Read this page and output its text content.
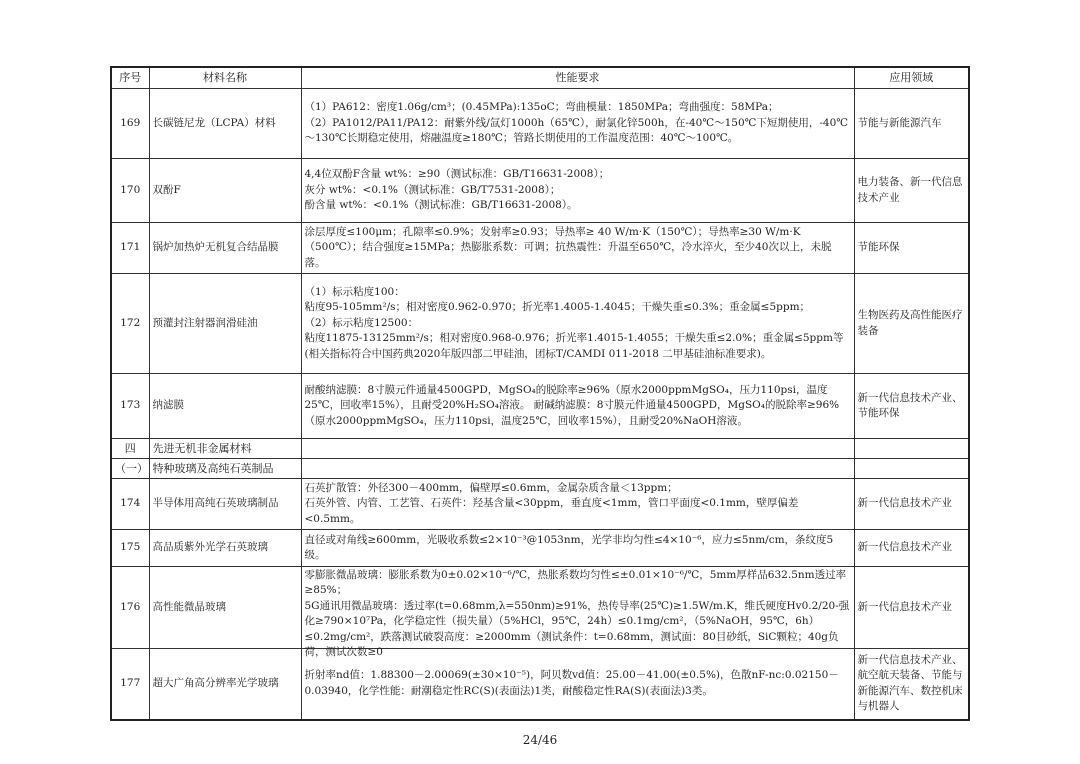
序号	材料名称	性能要求	应用领域
169	长碳链尼龙（LCPA）材料	（1）PA612：密度1.06g/cm³；(0.45MPa):135oC；弯曲模量：1850MPa；弯曲强度：58MPa；
（2）PA1012/PA11/PA12：耐紫外线/氙灯1000h（65℃），耐氯化锌500h，在-40℃～150℃下短期使用，-40℃～130℃长期稳定使用，熔融温度≥180℃；管路长期使用的工作温度范围：40℃～100℃。	节能与新能源汽车
170	双酚F	4,4位双酚F含量 wt%：≥90（测试标准：GB/T16631-2008）；
灰分 wt%：<0.1%（测试标准：GB/T7531-2008）；
酚含量 wt%：<0.1%（测试标准：GB/T16631-2008）。	电力装备、新一代信息技术产业
171	锅炉加热炉无机复合结晶膜	涂层厚度≤100μm；孔隙率≤0.9%；发射率≥0.93；导热率≥ 40 W/m·K（150℃）；导热率≥30 W/m·K（500℃）；结合强度≥15MPa；热膨胀系数：可调；抗热震性：升温至650℃，冷水淬火，至少40次以上，未脱落。	节能环保
172	预灌封注射器润滑硅油	（1）标示粘度100：
粘度95-105mm²/s；相对密度0.962-0.970；折光率1.4005-1.4045；干燥失重≤0.3%；重金属≤5ppm；
（2）标示粘度12500：
粘度11875-13125mm²/s；相对密度0.968-0.976；折光率1.4015-1.4055；干燥失重≤2.0%；重金属≤5ppm等(相关指标符合中国药典2020年版四部二甲硅油，团标T/CAMDI 011-2018 二甲基硅油标准要求)。	生物医药及高性能医疗装备
173	纳滤膜	耐酸纳滤膜：8寸膜元件通量4500GPD，MgSO₄的脱除率≥96%（原水2000ppmMgSO₄，压力110psi，温度25℃，回收率15%），且耐受20%H₂SO₄溶液。 耐碱纳滤膜：8寸膜元件通量4500GPD，MgSO₄的脱除率≥96%（原水2000ppmMgSO₄，压力110psi，温度25℃，回收率15%），且耐受20%NaOH溶液。	新一代信息技术产业、节能环保
四	先进无机非金属材料		
（一）	特种玻璃及高纯石英制品		
174	半导体用高纯石英玻璃制品	石英扩散管：外径300－400mm，偏壁厚≤0.6mm，金属杂质含量＜13ppm；
石英外管、内管、工艺管、石英件：羟基含量<30ppm，垂直度<1mm，管口平面度<0.1mm，壁厚偏差<0.5mm。	新一代信息技术产业
175	高品质紫外光学石英玻璃	直径或对角线≥600mm，光吸收系数≤2×10⁻³@1053nm，光学非均匀性≤4×10⁻⁶，应力≤5nm/cm，条纹度5级。	新一代信息技术产业
176	高性能微晶玻璃	零膨胀微晶玻璃：膨胀系数为0±0.02×10⁻⁶/℃，热胀系数均匀性≤±0.01×10⁻⁶/℃，5mm厚样品632.5nm透过率≥85%；
5G通讯用微晶玻璃：透过率(t=0.68mm,λ=550nm)≥91%，热传导率(25℃)≥1.5W/m.K，维氏硬度Hv0.2/20-强化≥790×10⁷Pa，化学稳定性（损失量）（5%HCl，95℃，24h）≤0.1mg/cm²，（5%NaOH，95℃，6h）≤0.2mg/cm²，跌落测试破裂高度：≥2000mm（测试条件：t=0.68mm，测试面：80目砂纸，SiC颗粒；40g负荷，测试次数≥0	新一代信息技术产业
177	超大广角高分辨率光学玻璃	折射率nd值：1.88300－2.00069(±30×10⁻⁵)，阿贝数vd值：25.00－41.00(±0.5%)，色散nF-nc:0.02150－0.03940，化学性能：耐潮稳定性RC(S)(表面法)1类，耐酸稳定性RA(S)(表面法)3类。	新一代信息技术产业、航空航天装备、节能与新能源汽车、数控机床与机器人
24/46
